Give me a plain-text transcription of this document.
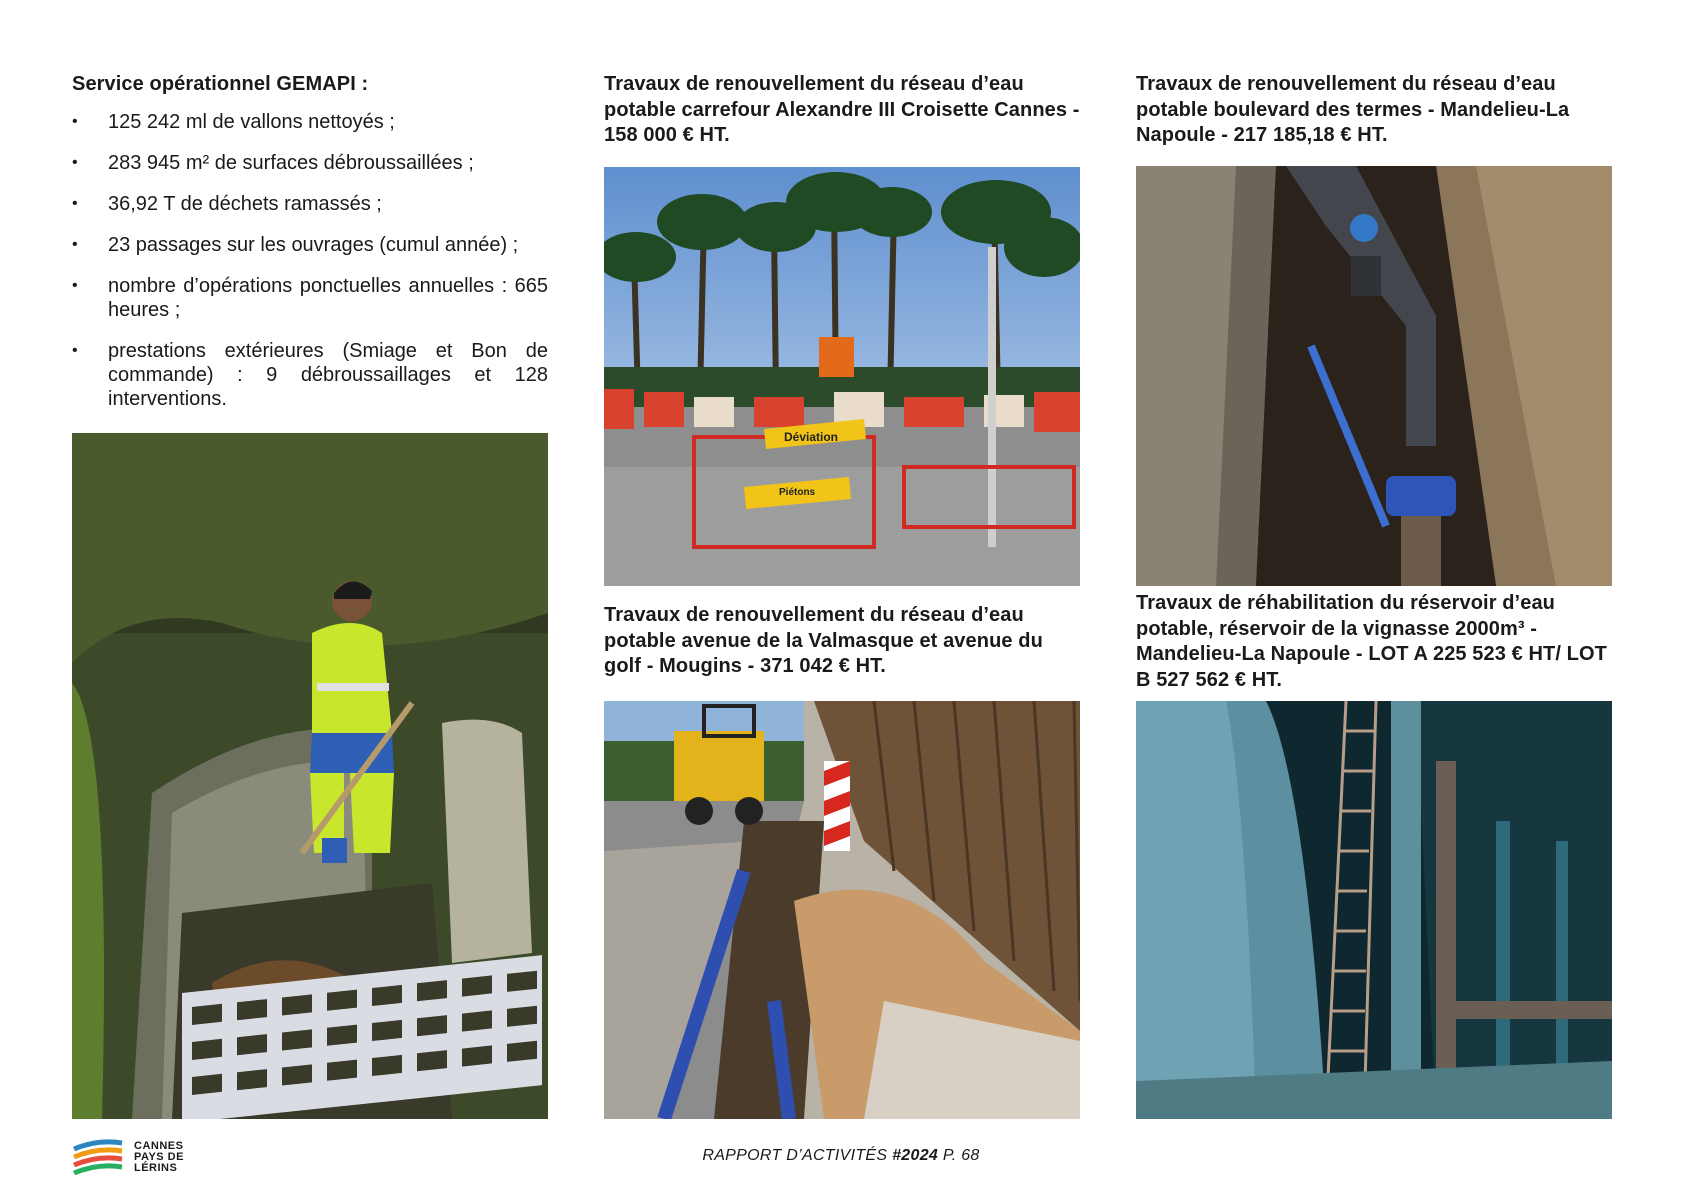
Service opérationnel GEMAPI :

• 125 242 ml de vallons nettoyés ;
• 283 945 m² de surfaces débroussaillées ;
• 36,92 T de déchets ramassés ;
• 23 passages sur les ouvrages (cumul année) ;
• nombre d’opérations ponctuelles annuelles : 665 heures ;
• prestations extérieures (Smiage et Bon de commande) : 9 débroussaillages et 128 interventions.

Travaux de renouvellement du réseau d’eau potable carrefour Alexandre III Croisette Cannes - 158 000 € HT.

Déviation
Piétons

Travaux de renouvellement du réseau d’eau potable avenue de la Valmasque et avenue du golf - Mougins - 371 042 € HT.

Travaux de renouvellement du réseau d’eau potable boulevard des termes - Mandelieu-La Napoule - 217 185,18 € HT.

Travaux de réhabilitation du réservoir d’eau potable, réservoir de la vignasse 2000m³ - Mandelieu-La Napoule - LOT A 225 523 € HT/ LOT B 527 562 € HT.

CANNES
PAYS DE
LÉRINS
RAPPORT D’ACTIVITÉS #2024 P. 68
